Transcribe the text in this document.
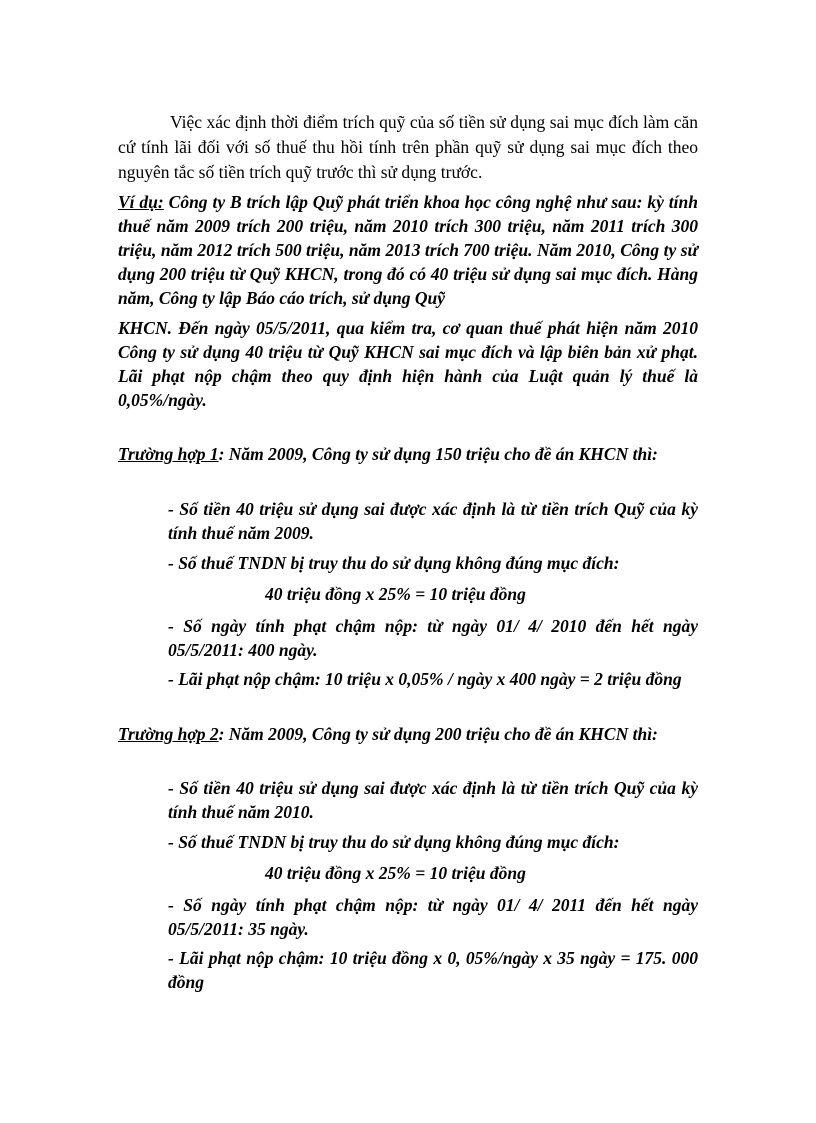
Việc xác định thời điểm trích quỹ của số tiền sử dụng sai mục đích làm căn cứ tính lãi đối với số thuế thu hồi tính trên phần quỹ sử dụng sai mục đích theo nguyên tắc số tiền trích quỹ trước thì sử dụng trước.

Ví dụ: Công ty B trích lập Quỹ phát triển khoa học công nghệ như sau: kỳ tính thuế năm 2009 trích 200 triệu, năm 2010 trích 300 triệu, năm 2011 trích 300 triệu, năm 2012 trích 500 triệu, năm 2013 trích 700 triệu. Năm 2010, Công ty sử dụng 200 triệu từ Quỹ KHCN, trong đó có 40 triệu sử dụng sai mục đích. Hàng năm, Công ty lập Báo cáo trích, sử dụng Quỹ
KHCN. Đến ngày 05/5/2011, qua kiểm tra, cơ quan thuế phát hiện năm 2010 Công ty sử dụng 40 triệu từ Quỹ KHCN sai mục đích và lập biên bản xử phạt. Lãi phạt nộp chậm theo quy định hiện hành của Luật quản lý thuế là 0,05%/ngày.

Trường hợp 1: Năm 2009, Công ty sử dụng 150 triệu cho đề án KHCN thì:

- Số tiền 40 triệu sử dụng sai được xác định là từ tiền trích Quỹ của kỳ tính thuế năm 2009.

- Số thuế TNDN bị truy thu do sử dụng không đúng mục đích:

40 triệu đồng x 25% = 10 triệu đồng

- Số ngày tính phạt chậm nộp: từ ngày 01/ 4/ 2010 đến hết ngày 05/5/2011: 400 ngày.

- Lãi phạt nộp chậm: 10 triệu x 0,05% / ngày x 400 ngày = 2 triệu đồng

Trường hợp 2: Năm 2009, Công ty sử dụng 200 triệu cho đề án KHCN thì:

- Số tiền 40 triệu sử dụng sai được xác định là từ tiền trích Quỹ của kỳ tính thuế năm 2010.

- Số thuế TNDN bị truy thu do sử dụng không đúng mục đích:

40 triệu đồng x 25% = 10 triệu đồng

- Số ngày tính phạt chậm nộp: từ ngày 01/ 4/ 2011 đến hết ngày 05/5/2011: 35 ngày.

- Lãi phạt nộp chậm: 10 triệu đồng x 0, 05%/ngày x 35 ngày = 175. 000 đồng
